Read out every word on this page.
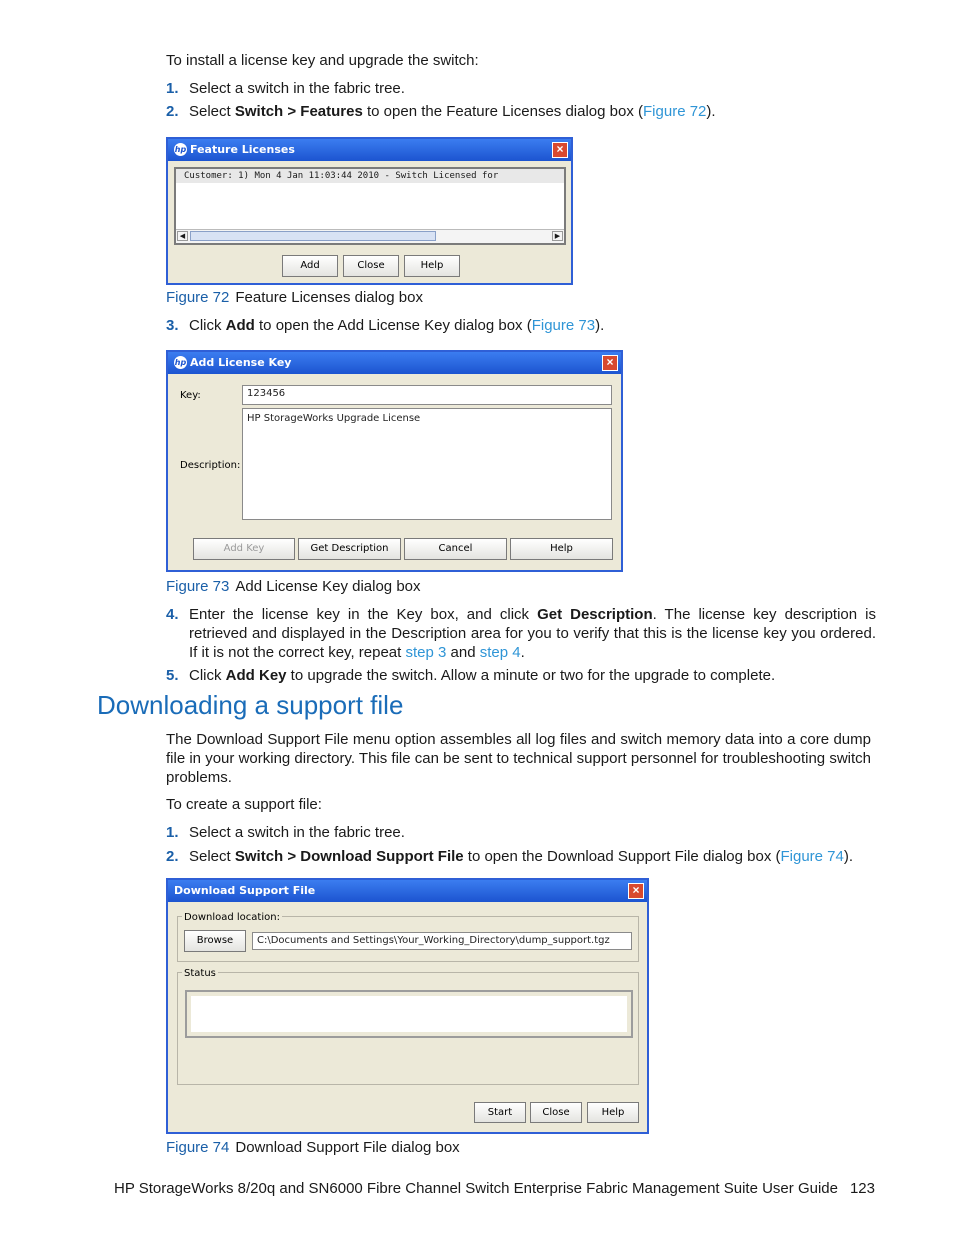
To install a license key and upgrade the switch:
1. Select a switch in the fabric tree.
2. Select Switch > Features to open the Feature Licenses dialog box (Figure 72).
hp Feature Licenses	×
Customer: 1) Mon 4 Jan 11:03:44 2010 - Switch Licensed for
◀	▶
Add	Close	Help
Figure 72 Feature Licenses dialog box
3. Click Add to open the Add License Key dialog box (Figure 73).
hp Add License Key	×
Key:	123456
Description:
HP StorageWorks Upgrade License
Add Key	Get Description	Cancel	Help
Figure 73 Add License Key dialog box
4. Enter the license key in the Key box, and click Get Description. The license key description is retrieved and displayed in the Description area for you to verify that this is the license key you ordered. If it is not the correct key, repeat step 3 and step 4.
5. Click Add Key to upgrade the switch. Allow a minute or two for the upgrade to complete.
Downloading a support file
The Download Support File menu option assembles all log files and switch memory data into a core dump file in your working directory. This file can be sent to technical support personnel for troubleshooting switch problems.
To create a support file:
1. Select a switch in the fabric tree.
2. Select Switch > Download Support File to open the Download Support File dialog box (Figure 74).
Download Support File	×
Download location:
Browse	C:\Documents and Settings\Your_Working_Directory\dump_support.tgz
Status
Start	Close	Help
Figure 74 Download Support File dialog box
HP StorageWorks 8/20q and SN6000 Fibre Channel Switch Enterprise Fabric Management Suite User Guide 123
